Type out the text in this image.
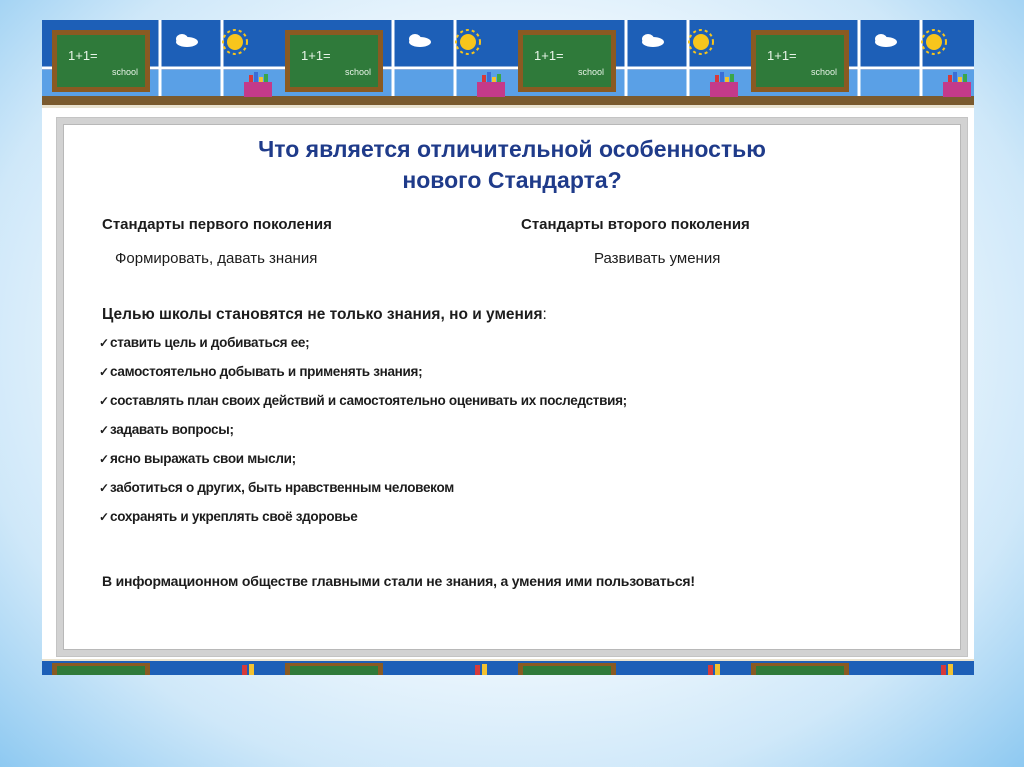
1+1=
school
1+1=
school
1+1=
school
1+1=
school
Что является отличительной особенностью
нового Стандарта?
Стандарты первого поколения	Стандарты второго поколения
Формировать, давать знания	Развивать умения
Целью школы становятся не только знания, но и умения:
✓ставить цель и добиваться ее;
✓самостоятельно добывать и применять знания;
✓составлять план своих действий и самостоятельно оценивать их последствия;
✓задавать вопросы;
✓ясно выражать свои мысли;
✓заботиться о других, быть нравственным человеком
✓сохранять и укреплять своё здоровье
В информационном обществе главными стали не знания, а умения ими пользоваться!
